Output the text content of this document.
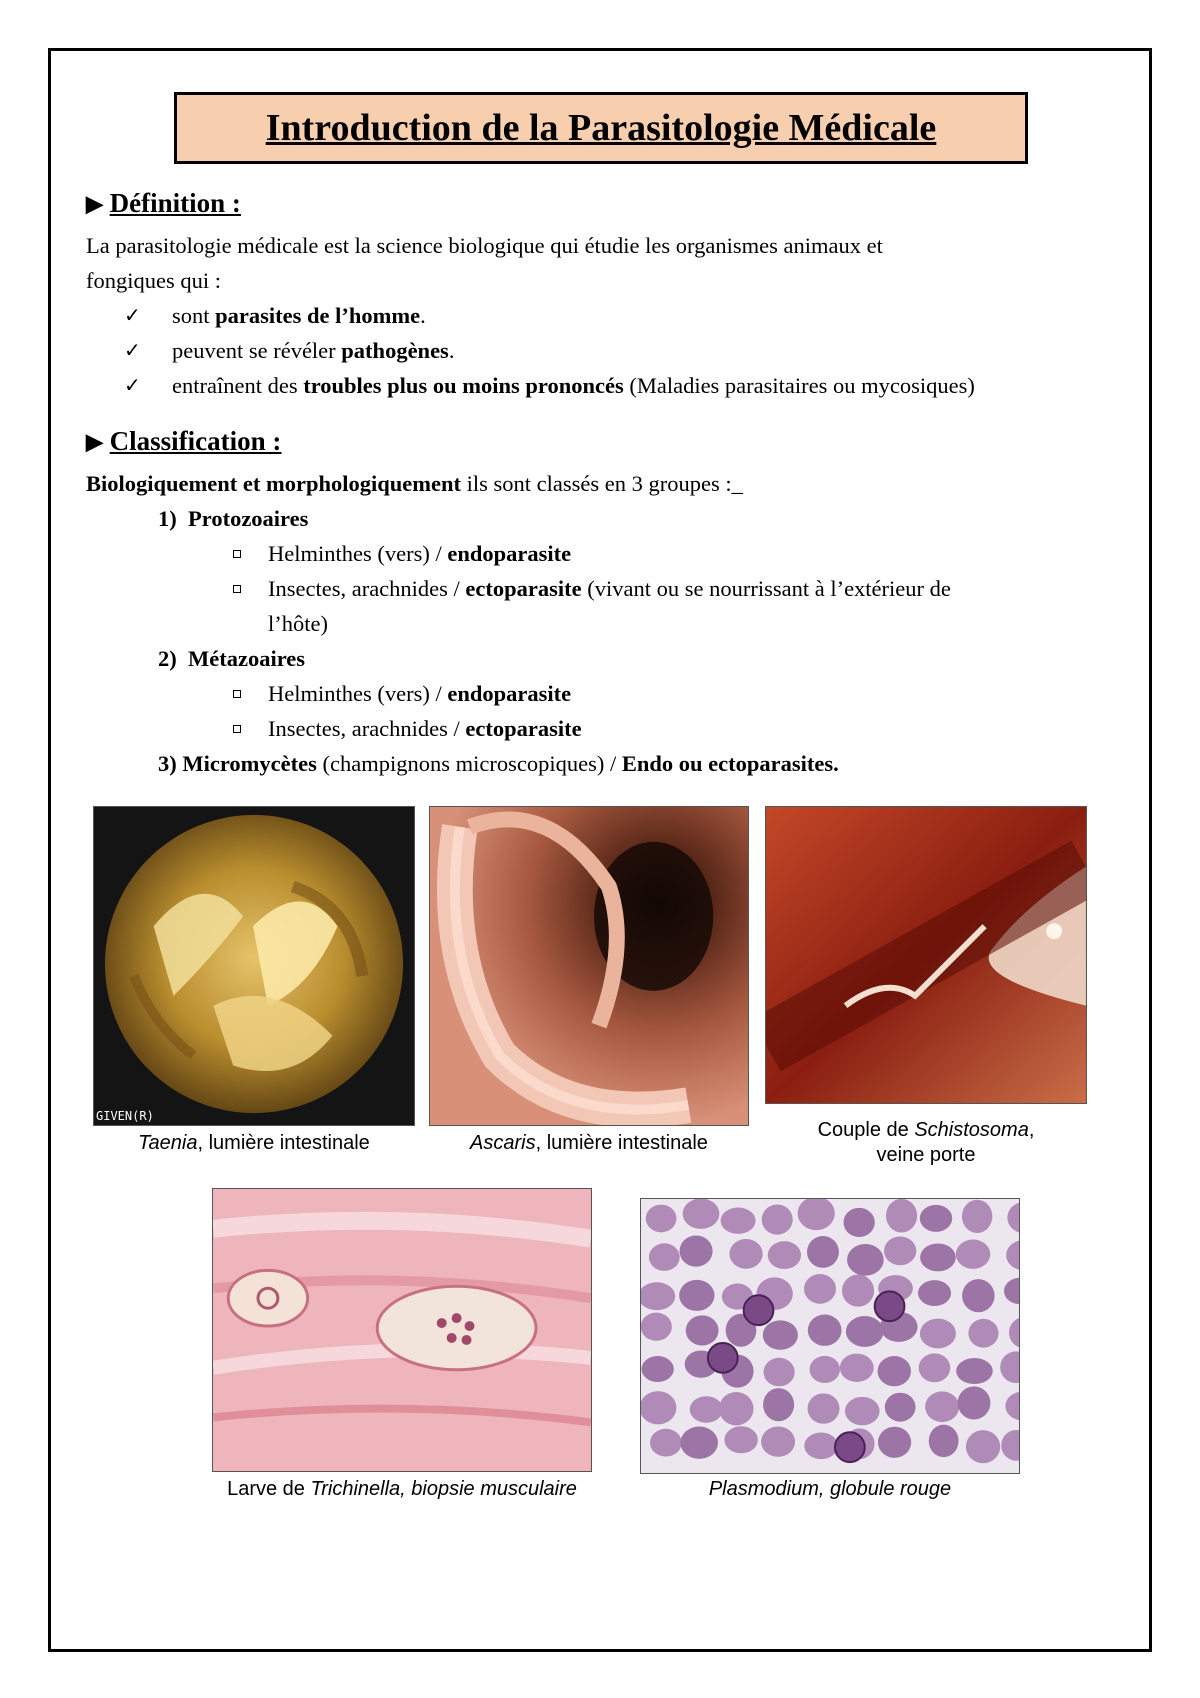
Introduction de la Parasitologie Médicale
▶ Définition :
La parasitologie médicale est la science biologique qui étudie les organismes animaux et
fongiques qui :
✓ sont parasites de l’homme.
✓ peuvent se révéler pathogènes.
✓ entraînent des troubles plus ou moins prononcés (Maladies parasitaires ou mycosiques)
▶ Classification :
Biologiquement et morphologiquement ils sont classés en 3 groupes :_
1) Protozoaires
Helminthes (vers) / endoparasite
Insectes, arachnides / ectoparasite (vivant ou se nourrissant à l’extérieur de
l’hôte)
2) Métazoaires
Helminthes (vers) / endoparasite
Insectes, arachnides / ectoparasite
3) Micromycètes (champignons microscopiques) / Endo ou ectoparasites.
GIVEN(R)
Taenia, lumière intestinale	Ascaris, lumière intestinale
Couple de Schistosoma,
veine porte
Larve de Trichinella, biopsie musculaire	Plasmodium, globule rouge
